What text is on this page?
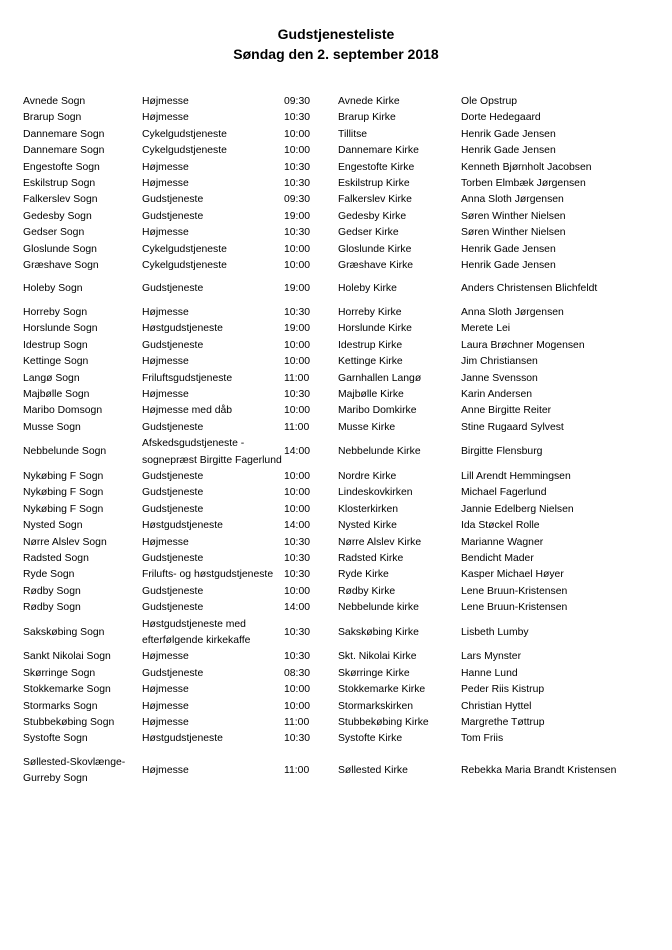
Gudstjenesteliste
Søndag den 2. september 2018
Avnede Sogn	Højmesse	09:30	Avnede Kirke	Ole Opstrup
Brarup Sogn	Højmesse	10:30	Brarup Kirke	Dorte Hedegaard
Dannemare Sogn	Cykelgudstjeneste	10:00	Tillitse	Henrik Gade Jensen
Dannemare Sogn	Cykelgudstjeneste	10:00	Dannemare Kirke	Henrik Gade Jensen
Engestofte Sogn	Højmesse	10:30	Engestofte Kirke	Kenneth Bjørnholt Jacobsen
Eskilstrup Sogn	Højmesse	10:30	Eskilstrup Kirke	Torben Elmbæk Jørgensen
Falkerslev Sogn	Gudstjeneste	09:30	Falkerslev Kirke	Anna Sloth Jørgensen
Gedesby Sogn	Gudstjeneste	19:00	Gedesby Kirke	Søren Winther Nielsen
Gedser Sogn	Højmesse	10:30	Gedser Kirke	Søren Winther Nielsen
Gloslunde Sogn	Cykelgudstjeneste	10:00	Gloslunde Kirke	Henrik Gade Jensen
Græshave Sogn	Cykelgudstjeneste	10:00	Græshave Kirke	Henrik Gade Jensen

Holeby Sogn	Gudstjeneste	19:00	Holeby Kirke	Anders Christensen Blichfeldt

Horreby Sogn	Højmesse	10:30	Horreby Kirke	Anna Sloth Jørgensen
Horslunde Sogn	Høstgudstjeneste	19:00	Horslunde Kirke	Merete Lei
Idestrup Sogn	Gudstjeneste	10:00	Idestrup Kirke	Laura Brøchner Mogensen
Kettinge Sogn	Højmesse	10:00	Kettinge Kirke	Jim Christiansen
Langø Sogn	Friluftsgudstjeneste	11:00	Garnhallen Langø	Janne Svensson
Majbølle Sogn	Højmesse	10:30	Majbølle Kirke	Karin Andersen
Maribo Domsogn	Højmesse med dåb	10:00	Maribo Domkirke	Anne Birgitte Reiter
Musse Sogn	Gudstjeneste	11:00	Musse Kirke	Stine Rugaard Sylvest
Nebbelunde Sogn	Afskedsgudstjeneste - sognepræst Birgitte Fagerlund	14:00	Nebbelunde Kirke	Birgitte Flensburg
Nykøbing F Sogn	Gudstjeneste	10:00	Nordre Kirke	Lill Arendt Hemmingsen
Nykøbing F Sogn	Gudstjeneste	10:00	Lindeskovkirken	Michael Fagerlund
Nykøbing F Sogn	Gudstjeneste	10:00	Klosterkirken	Jannie Edelberg Nielsen
Nysted Sogn	Høstgudstjeneste	14:00	Nysted Kirke	Ida Støckel Rolle
Nørre Alslev Sogn	Højmesse	10:30	Nørre Alslev Kirke	Marianne Wagner
Radsted Sogn	Gudstjeneste	10:30	Radsted Kirke	Bendicht Mader
Ryde Sogn	Frilufts- og høstgudstjeneste	10:30	Ryde Kirke	Kasper Michael Høyer
Rødby Sogn	Gudstjeneste	10:00	Rødby Kirke	Lene Bruun-Kristensen
Rødby Sogn	Gudstjeneste	14:00	Nebbelunde kirke	Lene Bruun-Kristensen
Sakskøbing Sogn	Høstgudstjeneste med efterfølgende kirkekaffe	10:30	Sakskøbing Kirke	Lisbeth Lumby
Sankt Nikolai Sogn	Højmesse	10:30	Skt. Nikolai Kirke	Lars Mynster
Skørringe Sogn	Gudstjeneste	08:30	Skørringe Kirke	Hanne Lund
Stokkemarke Sogn	Højmesse	10:00	Stokkemarke Kirke	Peder Riis Kistrup
Stormarks Sogn	Højmesse	10:00	Stormarkskirken	Christian Hyttel
Stubbekøbing Sogn	Højmesse	11:00	Stubbekøbing Kirke	Margrethe Tøttrup
Systofte Sogn	Høstgudstjeneste	10:30	Systofte Kirke	Tom Friis

Søllested-Skovlænge-Gurreby Sogn	Højmesse	11:00	Søllested Kirke	Rebekka Maria Brandt Kristensen
